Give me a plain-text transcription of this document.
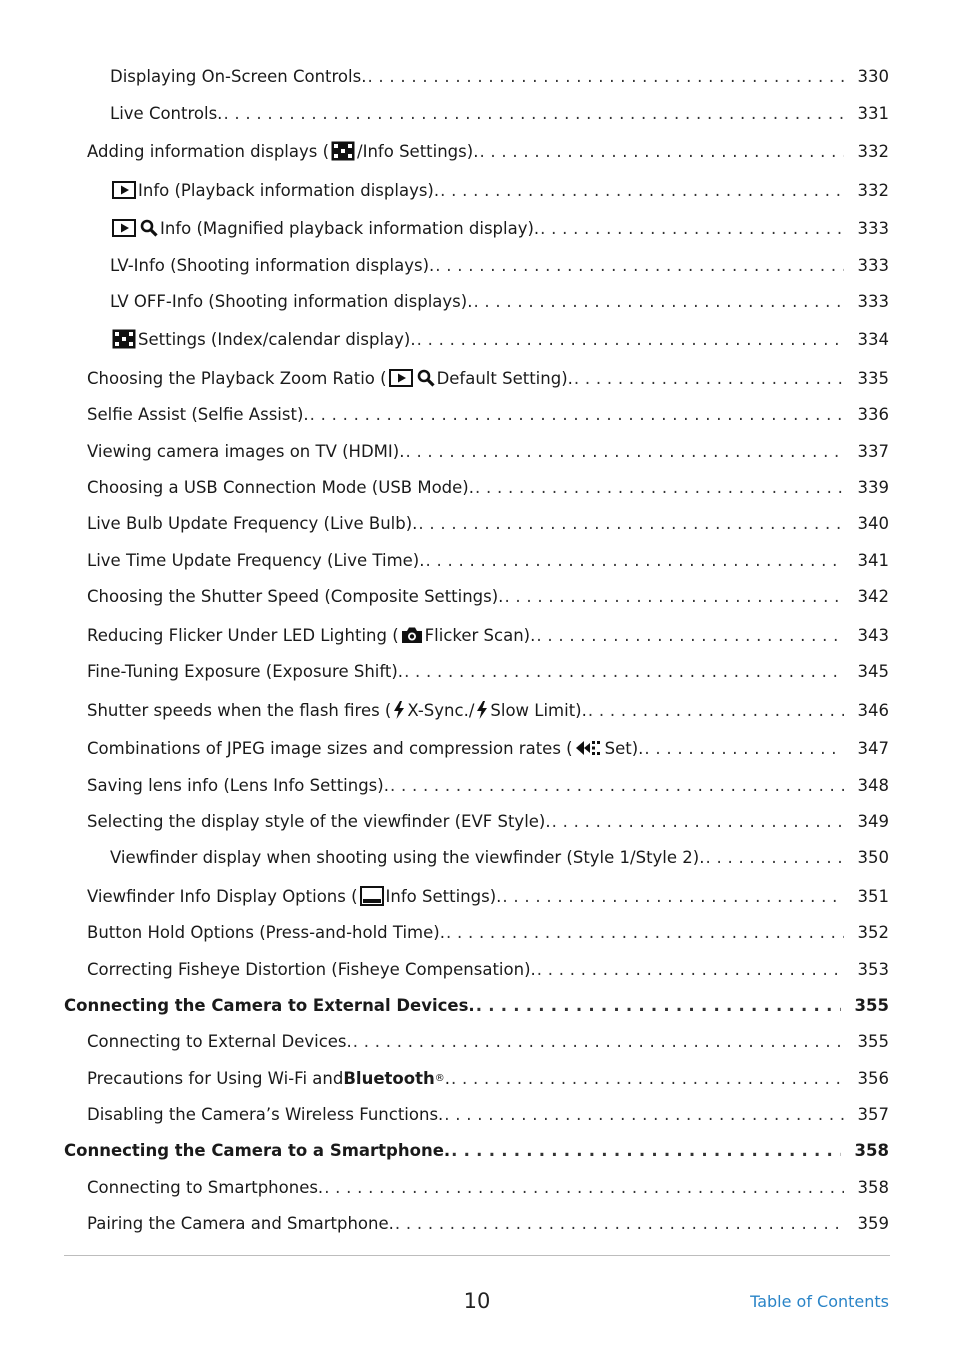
Displaying On-Screen Controls. . . .	330
Live Controls. . . .	331
Adding information displays ( /Info Settings). . . .	332
Info (Playback information displays). . . .	332
Info (Magnified playback information display). . . .	333
LV-Info (Shooting information displays). . . .	333
LV OFF-Info (Shooting information displays). . . .	333
Settings (Index/calendar display). . . .	334
Choosing the Playback Zoom Ratio (	Default Setting). . . .	335
Selfie Assist (Selfie Assist). . . .	336
Viewing camera images on TV (HDMI). . . .	337
Choosing a USB Connection Mode (USB Mode). . . .	339
Live Bulb Update Frequency (Live Bulb). . . .	340
Live Time Update Frequency (Live Time). . . .	341
Choosing the Shutter Speed (Composite Settings). . . .	342
Reducing Flicker Under LED Lighting ( Flicker Scan). . . .	343
Fine-Tuning Exposure (Exposure Shift). . . .	345
Shutter speeds when the flash fires ( X-Sync./ Slow Limit). . . .	346
Combinations of JPEG image sizes and compression rates ( Set). . . .	347
Saving lens info (Lens Info Settings). . . .	348
Selecting the display style of the viewfinder (EVF Style). . . .	349
Viewfinder display when shooting using the viewfinder (Style 1/Style 2). . . .	350
Viewfinder Info Display Options ( Info Settings). . . .	351
Button Hold Options (Press-and-hold Time). . . .	352
Correcting Fisheye Distortion (Fisheye Compensation). . . .	353
Connecting the Camera to External Devices. . . .	355
Connecting to External Devices. . . .	355
Precautions for Using Wi-Fi and Bluetooth ® . . . .	356
Disabling the Camera’s Wireless Functions. . . .	357
Connecting the Camera to a Smartphone. . . .	358
Connecting to Smartphones. . . .	358
Pairing the Camera and Smartphone. . . .	359
10	Table of Contents
